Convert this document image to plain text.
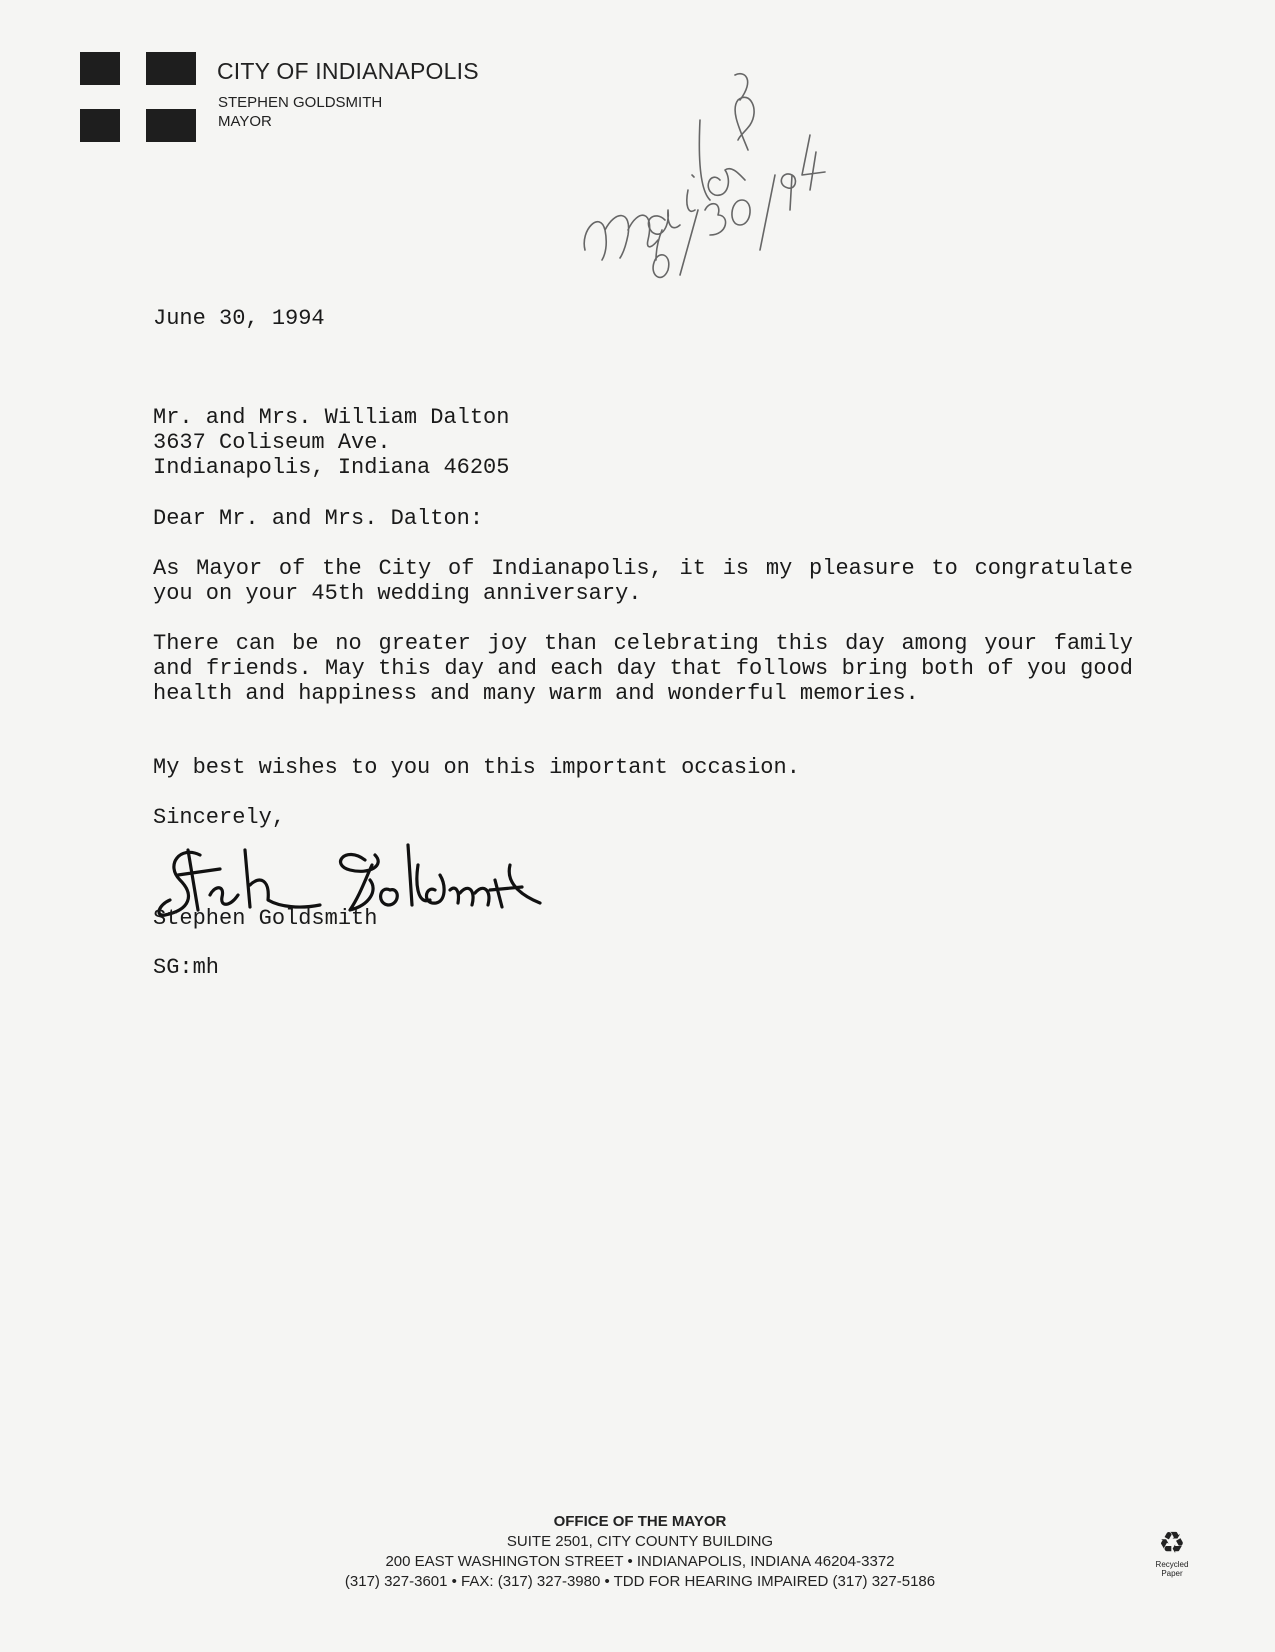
CITY OF INDIANAPOLIS
STEPHEN GOLDSMITH
MAYOR
June 30, 1994
Mr. and Mrs. William Dalton
3637 Coliseum Ave.
Indianapolis, Indiana 46205
Dear Mr. and Mrs. Dalton:
As Mayor of the City of Indianapolis, it is my pleasure to congratulate you on your 45th wedding anniversary.
There can be no greater joy than celebrating this day among your family and friends. May this day and each day that follows bring both of you good health and happiness and many warm and wonderful memories.
My best wishes to you on this important occasion.
Sincerely,
Stephen Goldsmith
SG:mh
OFFICE OF THE MAYOR
SUITE 2501, CITY COUNTY BUILDING
200 EAST WASHINGTON STREET • INDIANAPOLIS, INDIANA 46204-3372
(317) 327-3601 • FAX: (317) 327-3980 • TDD FOR HEARING IMPAIRED (317) 327-5186
♻
Recycled
Paper
